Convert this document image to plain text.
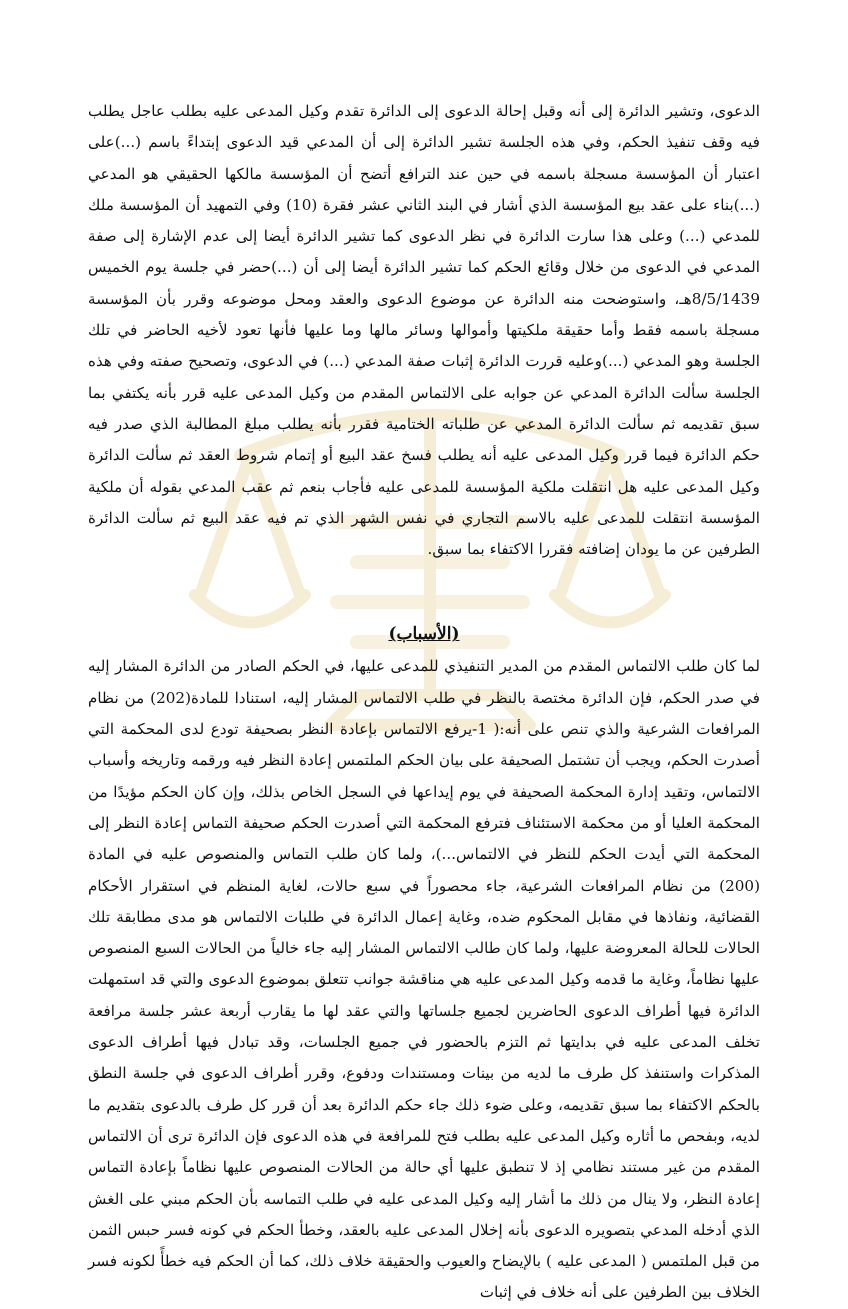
الدعوى، وتشير الدائرة إلى أنه وقبل إحالة الدعوى إلى الدائرة تقدم وكيل المدعى عليه بطلب عاجل يطلب فيه وقف تنفيذ الحكم، وفي هذه الجلسة تشير الدائرة إلى أن المدعي قيد الدعوى إبتداءً باسم (...)على اعتبار أن المؤسسة مسجلة باسمه في حين عند الترافع أتضح أن المؤسسة مالكها الحقيقي هو المدعي (...)بناء على عقد بيع المؤسسة الذي أشار في البند الثاني عشر فقرة (10) وفي التمهيد أن المؤسسة ملك للمدعي (...) وعلى هذا سارت الدائرة في نظر الدعوى كما تشير الدائرة أيضا إلى عدم الإشارة إلى صفة المدعي في الدعوى من خلال وقائع الحكم كما تشير الدائرة أيضا إلى أن (...)حضر في جلسة يوم الخميس 8/5/1439هـ، واستوضحت منه الدائرة عن موضوع الدعوى والعقد ومحل موضوعه وقرر بأن المؤسسة مسجلة باسمه فقط وأما حقيقة ملكيتها وأموالها وسائر مالها وما عليها فأنها تعود لأخيه الحاضر في تلك الجلسة وهو المدعي (...)وعليه قررت الدائرة إثبات صفة المدعي (...) في الدعوى، وتصحيح صفته وفي هذه الجلسة سألت الدائرة المدعي عن جوابه على الالتماس المقدم من وكيل المدعى عليه قرر بأنه يكتفي بما سبق تقديمه ثم سألت الدائرة المدعي عن طلباته الختامية فقرر بأنه يطلب مبلغ المطالبة الذي صدر فيه حكم الدائرة فيما قرر وكيل المدعى عليه أنه يطلب فسخ عقد البيع أو إتمام شروط العقد ثم سألت الدائرة وكيل المدعى عليه هل انتقلت ملكية المؤسسة للمدعى عليه فأجاب بنعم ثم عقب المدعي بقوله أن ملكية المؤسسة انتقلت للمدعى عليه بالاسم التجاري في نفس الشهر الذي تم فيه عقد البيع ثم سألت الدائرة الطرفين عن ما يودان إضافته فقررا الاكتفاء بما سبق.

(الأسباب)

لما كان طلب الالتماس المقدم من المدير التنفيذي للمدعى عليها، في الحكم الصادر من الدائرة المشار إليه في صدر الحكم، فإن الدائرة مختصة بالنظر في طلب الالتماس المشار إليه، استنادا للمادة(202) من نظام المرافعات الشرعية والذي تنص على أنه:( 1-يرفع الالتماس بإعادة النظر بصحيفة تودع لدى المحكمة التي أصدرت الحكم، ويجب أن تشتمل الصحيفة على بيان الحكم الملتمس إعادة النظر فيه ورقمه وتاريخه وأسباب الالتماس، وتقيد إدارة المحكمة الصحيفة في يوم إيداعها في السجل الخاص بذلك، وإن كان الحكم مؤيدًا من المحكمة العليا أو من محكمة الاستئناف فترفع المحكمة التي أصدرت الحكم صحيفة التماس إعادة النظر إلى المحكمة التي أيدت الحكم للنظر في الالتماس...)، ولما كان طلب التماس والمنصوص عليه في المادة (200) من نظام المرافعات الشرعية، جاء محصوراً في سبع حالات، لغاية المنظم في استقرار الأحكام القضائية، ونفاذها في مقابل المحكوم ضده، وغاية إعمال الدائرة في طلبات الالتماس هو مدى مطابقة تلك الحالات للحالة المعروضة عليها، ولما كان طالب الالتماس المشار إليه جاء خالياً من الحالات السبع المنصوص عليها نظاماً، وغاية ما قدمه وكيل المدعى عليه هي مناقشة جوانب تتعلق بموضوع الدعوى والتي قد استمهلت الدائرة فيها أطراف الدعوى الحاضرين لجميع جلساتها والتي عقد لها ما يقارب أربعة عشر جلسة مرافعة تخلف المدعى عليه في بدايتها ثم التزم بالحضور في جميع الجلسات، وقد تبادل فيها أطراف الدعوى المذكرات واستنفذ كل طرف ما لديه من بينات ومستندات ودفوع، وقرر أطراف الدعوى في جلسة النطق بالحكم الاكتفاء بما سبق تقديمه، وعلى ضوء ذلك جاء حكم الدائرة بعد أن قرر كل طرف بالدعوى بتقديم ما لديه، وبفحص ما أثاره وكيل المدعى عليه بطلب فتح للمرافعة في هذه الدعوى فإن الدائرة ترى أن الالتماس المقدم من غير مستند نظامي إذ لا تنطبق عليها أي حالة من الحالات المنصوص عليها نظاماً بإعادة التماس إعادة النظر، ولا ينال من ذلك ما أشار إليه وكيل المدعى عليه في طلب التماسه بأن الحكم مبني على الغش الذي أدخله المدعي بتصويره الدعوى بأنه إخلال المدعى عليه بالعقد، وخطأ الحكم في كونه فسر حبس الثمن من قبل الملتمس ( المدعى عليه ) بالإيضاح والعيوب والحقيقة خلاف ذلك، كما أن الحكم فيه خطأً لكونه فسر الخلاف بين الطرفين على أنه خلاف في إثبات
